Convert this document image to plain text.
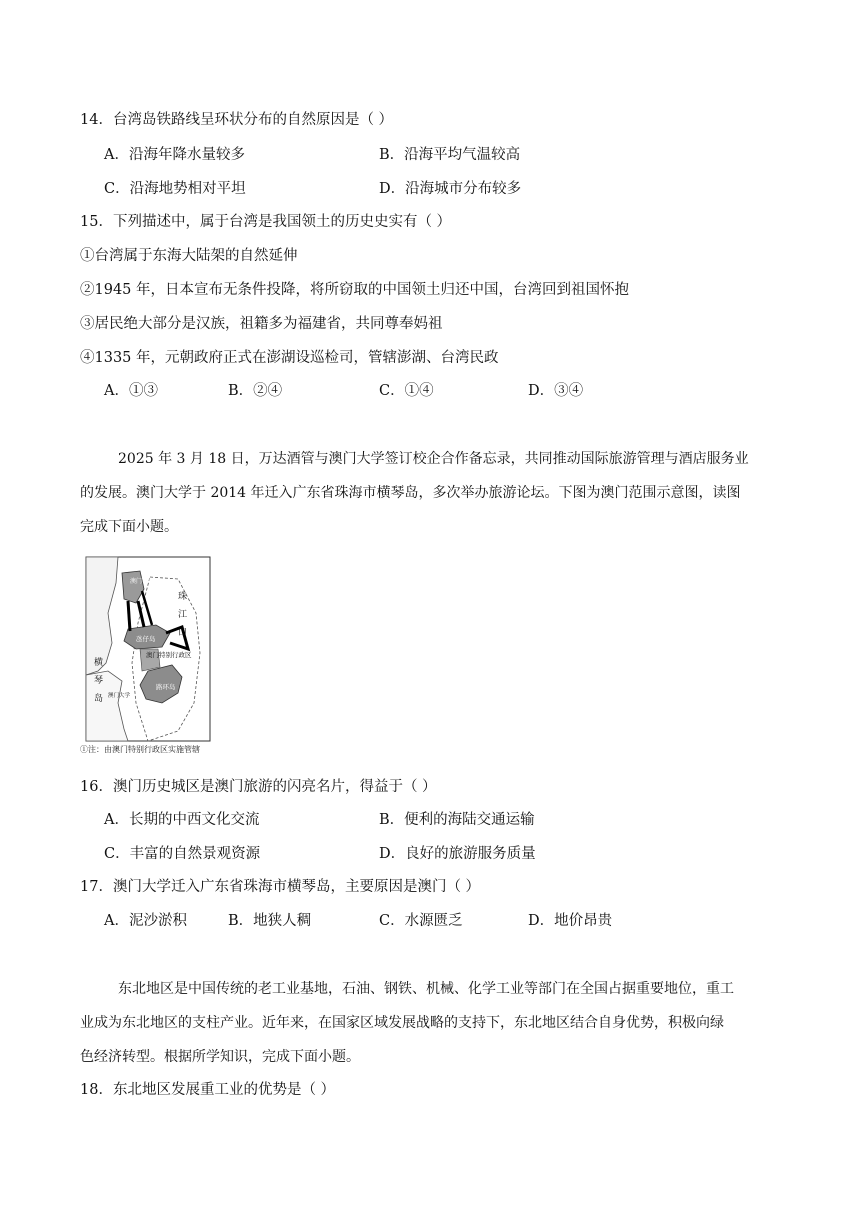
14．台湾岛铁路线呈环状分布的自然原因是（ ）
A．沿海年降水量较多	B．沿海平均气温较高
C．沿海地势相对平坦	D．沿海城市分布较多
15．下列描述中，属于台湾是我国领土的历史史实有（ ）
①台湾属于东海大陆架的自然延伸
②1945 年，日本宣布无条件投降，将所窃取的中国领土归还中国，台湾回到祖国怀抱
③居民绝大部分是汉族，祖籍多为福建省，共同尊奉妈祖
④1335 年，元朝政府正式在澎湖设巡检司，管辖澎湖、台湾民政
A．①③	B．②④	C．①④	D．③④
2025 年 3 月 18 日，万达酒管与澳门大学签订校企合作备忘录，共同推动国际旅游管理与酒店服务业
的发展。澳门大学于 2014 年迁入广东省珠海市横琴岛，多次举办旅游论坛。下图为澳门范围示意图，读图
完成下面小题。
澳门半岛
珠
江
口
氹仔岛
澳门特别行政区
路环岛
横
琴
岛 澳门大学
①注：由澳门特别行政区实施管辖
16．澳门历史城区是澳门旅游的闪亮名片，得益于（ ）
A．长期的中西文化交流	B．便利的海陆交通运输
C．丰富的自然景观资源	D．良好的旅游服务质量
17．澳门大学迁入广东省珠海市横琴岛，主要原因是澳门（ ）
A．泥沙淤积	B．地狭人稠	C．水源匮乏	D．地价昂贵
东北地区是中国传统的老工业基地，石油、钢铁、机械、化学工业等部门在全国占据重要地位，重工
业成为东北地区的支柱产业。近年来，在国家区域发展战略的支持下，东北地区结合自身优势，积极向绿
色经济转型。根据所学知识，完成下面小题。
18．东北地区发展重工业的优势是（ ）
